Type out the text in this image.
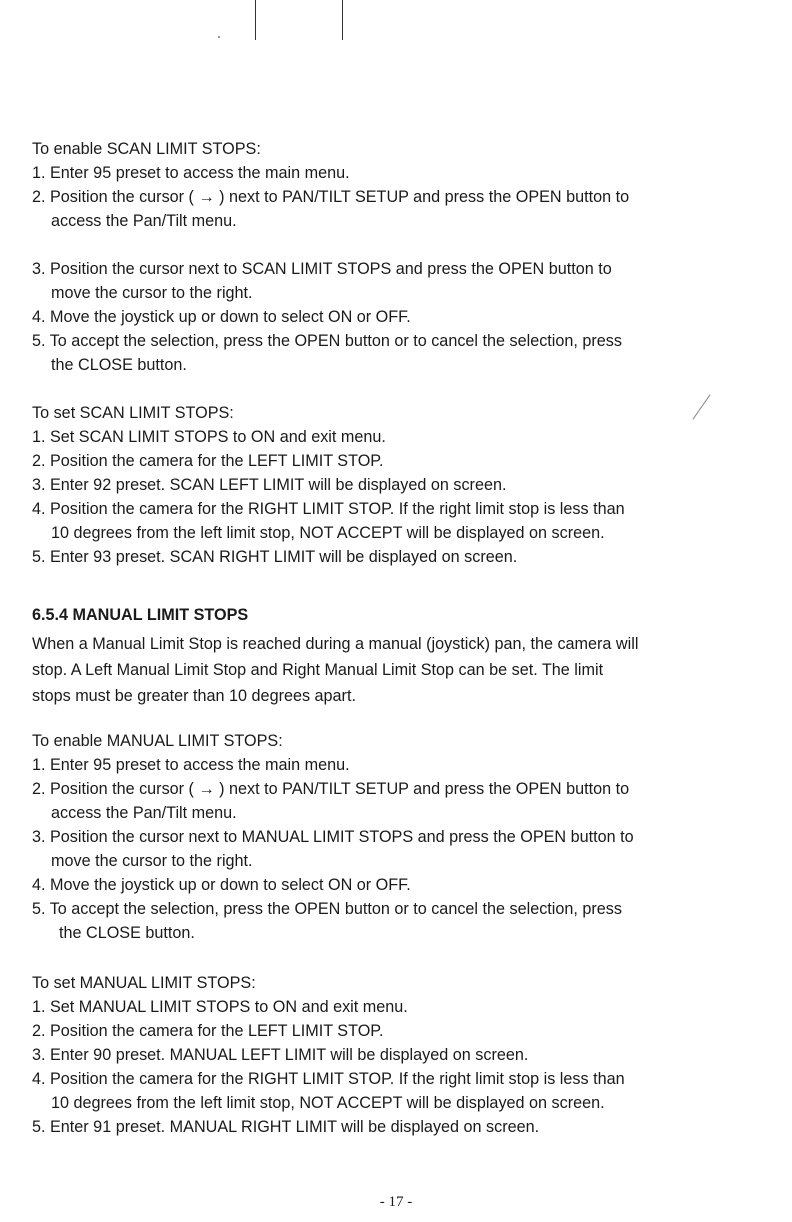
To enable SCAN LIMIT STOPS:

1. Enter 95 preset to access the main menu.

2. Position the cursor ( → ) next to PAN/TILT SETUP and press the OPEN button to

access the Pan/Tilt menu.

3. Position the cursor next to SCAN LIMIT STOPS and press the OPEN button to

move the cursor to the right.

4. Move the joystick up or down to select ON or OFF.

5. To accept the selection, press the OPEN button or to cancel the selection, press

the CLOSE button.

To set SCAN LIMIT STOPS:

1. Set SCAN LIMIT STOPS to ON and exit menu.

2. Position the camera for the LEFT LIMIT STOP.

3. Enter 92 preset. SCAN LEFT LIMIT will be displayed on screen.

4. Position the camera for the RIGHT LIMIT STOP. If the right limit stop is less than

10 degrees from the left limit stop, NOT ACCEPT will be displayed on screen.

5. Enter 93 preset. SCAN RIGHT LIMIT will be displayed on screen.

6.5.4 MANUAL LIMIT STOPS

When a Manual Limit Stop is reached during a manual (joystick) pan, the camera will

stop. A Left Manual Limit Stop and Right Manual Limit Stop can be set. The limit

stops must be greater than 10 degrees apart.

To enable MANUAL LIMIT STOPS:

1. Enter 95 preset to access the main menu.

2. Position the cursor ( → ) next to PAN/TILT SETUP and press the OPEN button to

access the Pan/Tilt menu.

3. Position the cursor next to MANUAL LIMIT STOPS and press the OPEN button to

move the cursor to the right.

4. Move the joystick up or down to select ON or OFF.

5. To accept the selection, press the OPEN button or to cancel the selection, press

the CLOSE button.

To set MANUAL LIMIT STOPS:

1. Set MANUAL LIMIT STOPS to ON and exit menu.

2. Position the camera for the LEFT LIMIT STOP.

3. Enter 90 preset. MANUAL LEFT LIMIT will be displayed on screen.

4. Position the camera for the RIGHT LIMIT STOP. If the right limit stop is less than

10 degrees from the left limit stop, NOT ACCEPT will be displayed on screen.

5. Enter 91 preset. MANUAL RIGHT LIMIT will be displayed on screen.

- 17 -
